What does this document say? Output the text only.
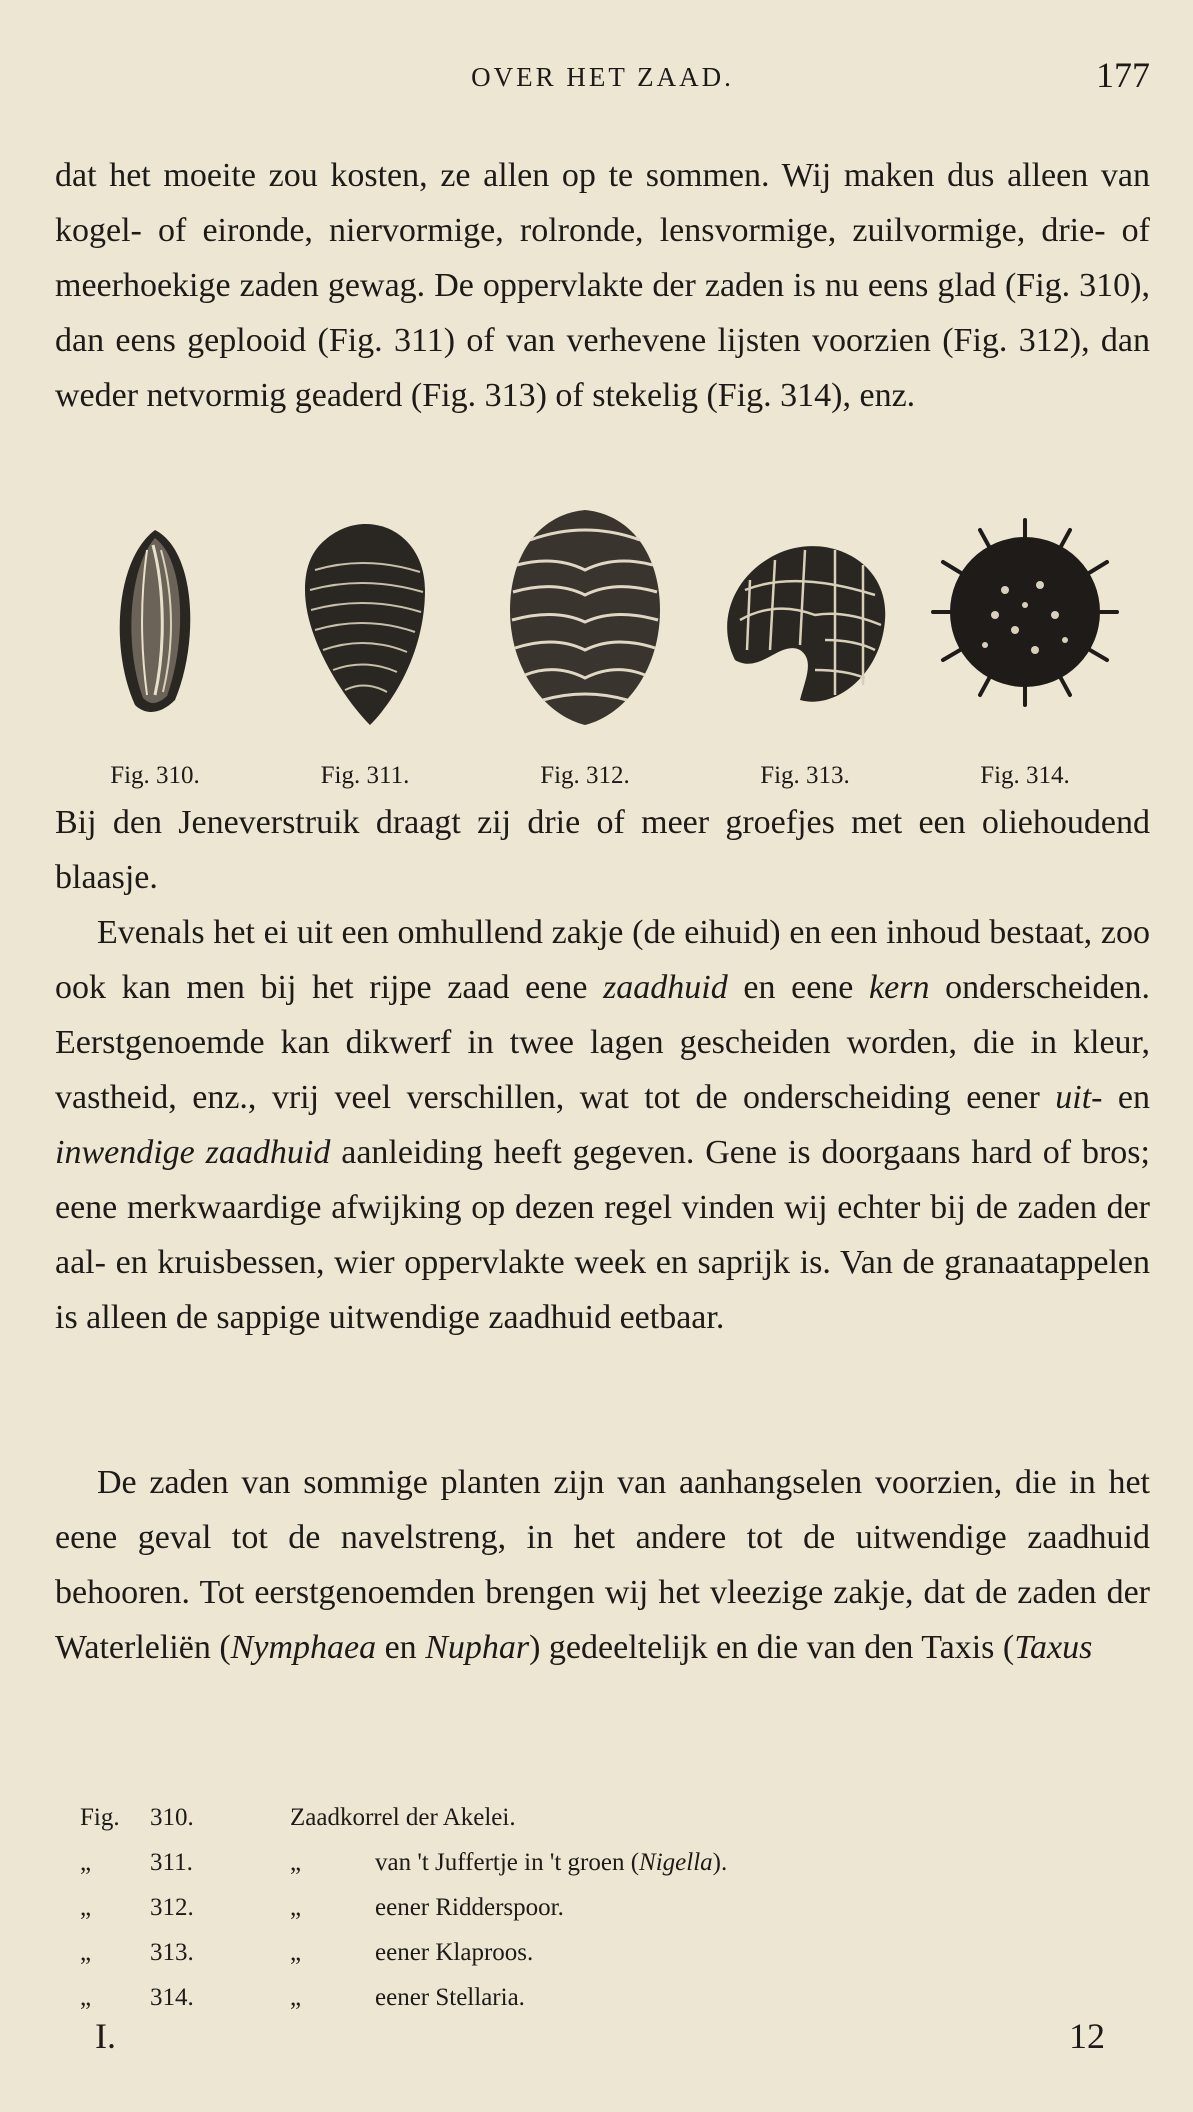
OVER HET ZAAD.	177

dat het moeite zou kosten, ze allen op te sommen. Wij maken dus alleen van kogel- of eironde, niervormige, rolronde, lensvormige, zuilvormige, drie- of meerhoekige zaden gewag. De oppervlakte der zaden is nu eens glad (Fig. 310), dan eens geplooid (Fig. 311) of van verhevene lijsten voorzien (Fig. 312), dan weder netvormig geaderd (Fig. 313) of stekelig (Fig. 314), enz.

Fig. 310.	Fig. 311.	Fig. 312.	Fig. 313.	Fig. 314.

Bij den Jeneverstruik draagt zij drie of meer groefjes met een oliehoudend blaasje.

Evenals het ei uit een omhullend zakje (de eihuid) en een inhoud bestaat, zoo ook kan men bij het rijpe zaad eene zaadhuid en eene kern onderscheiden. Eerstgenoemde kan dikwerf in twee lagen gescheiden worden, die in kleur, vastheid, enz., vrij veel verschillen, wat tot de onderscheiding eener uit- en inwendige zaadhuid aanleiding heeft gegeven. Gene is doorgaans hard of bros; eene merkwaardige afwijking op dezen regel vinden wij echter bij de zaden der aal- en kruisbessen, wier oppervlakte week en saprijk is. Van de granaatappelen is alleen de sappige uitwendige zaadhuid eetbaar.

De zaden van sommige planten zijn van aanhangselen voorzien, die in het eene geval tot de navelstreng, in het andere tot de uitwendige zaadhuid behooren. Tot eerstgenoemden brengen wij het vleezige zakje, dat de zaden der Waterleliën (Nymphaea en Nuphar) gedeeltelijk en die van den Taxis (Taxus

Fig. 310.	Zaadkorrel der Akelei.
„ 311.	„	van 't Juffertje in 't groen (Nigella).
„ 312.	„	eener Ridderspoor.
„ 313.	„	eener Klaproos.
„ 314.	„	eener Stellaria.
I.	12
